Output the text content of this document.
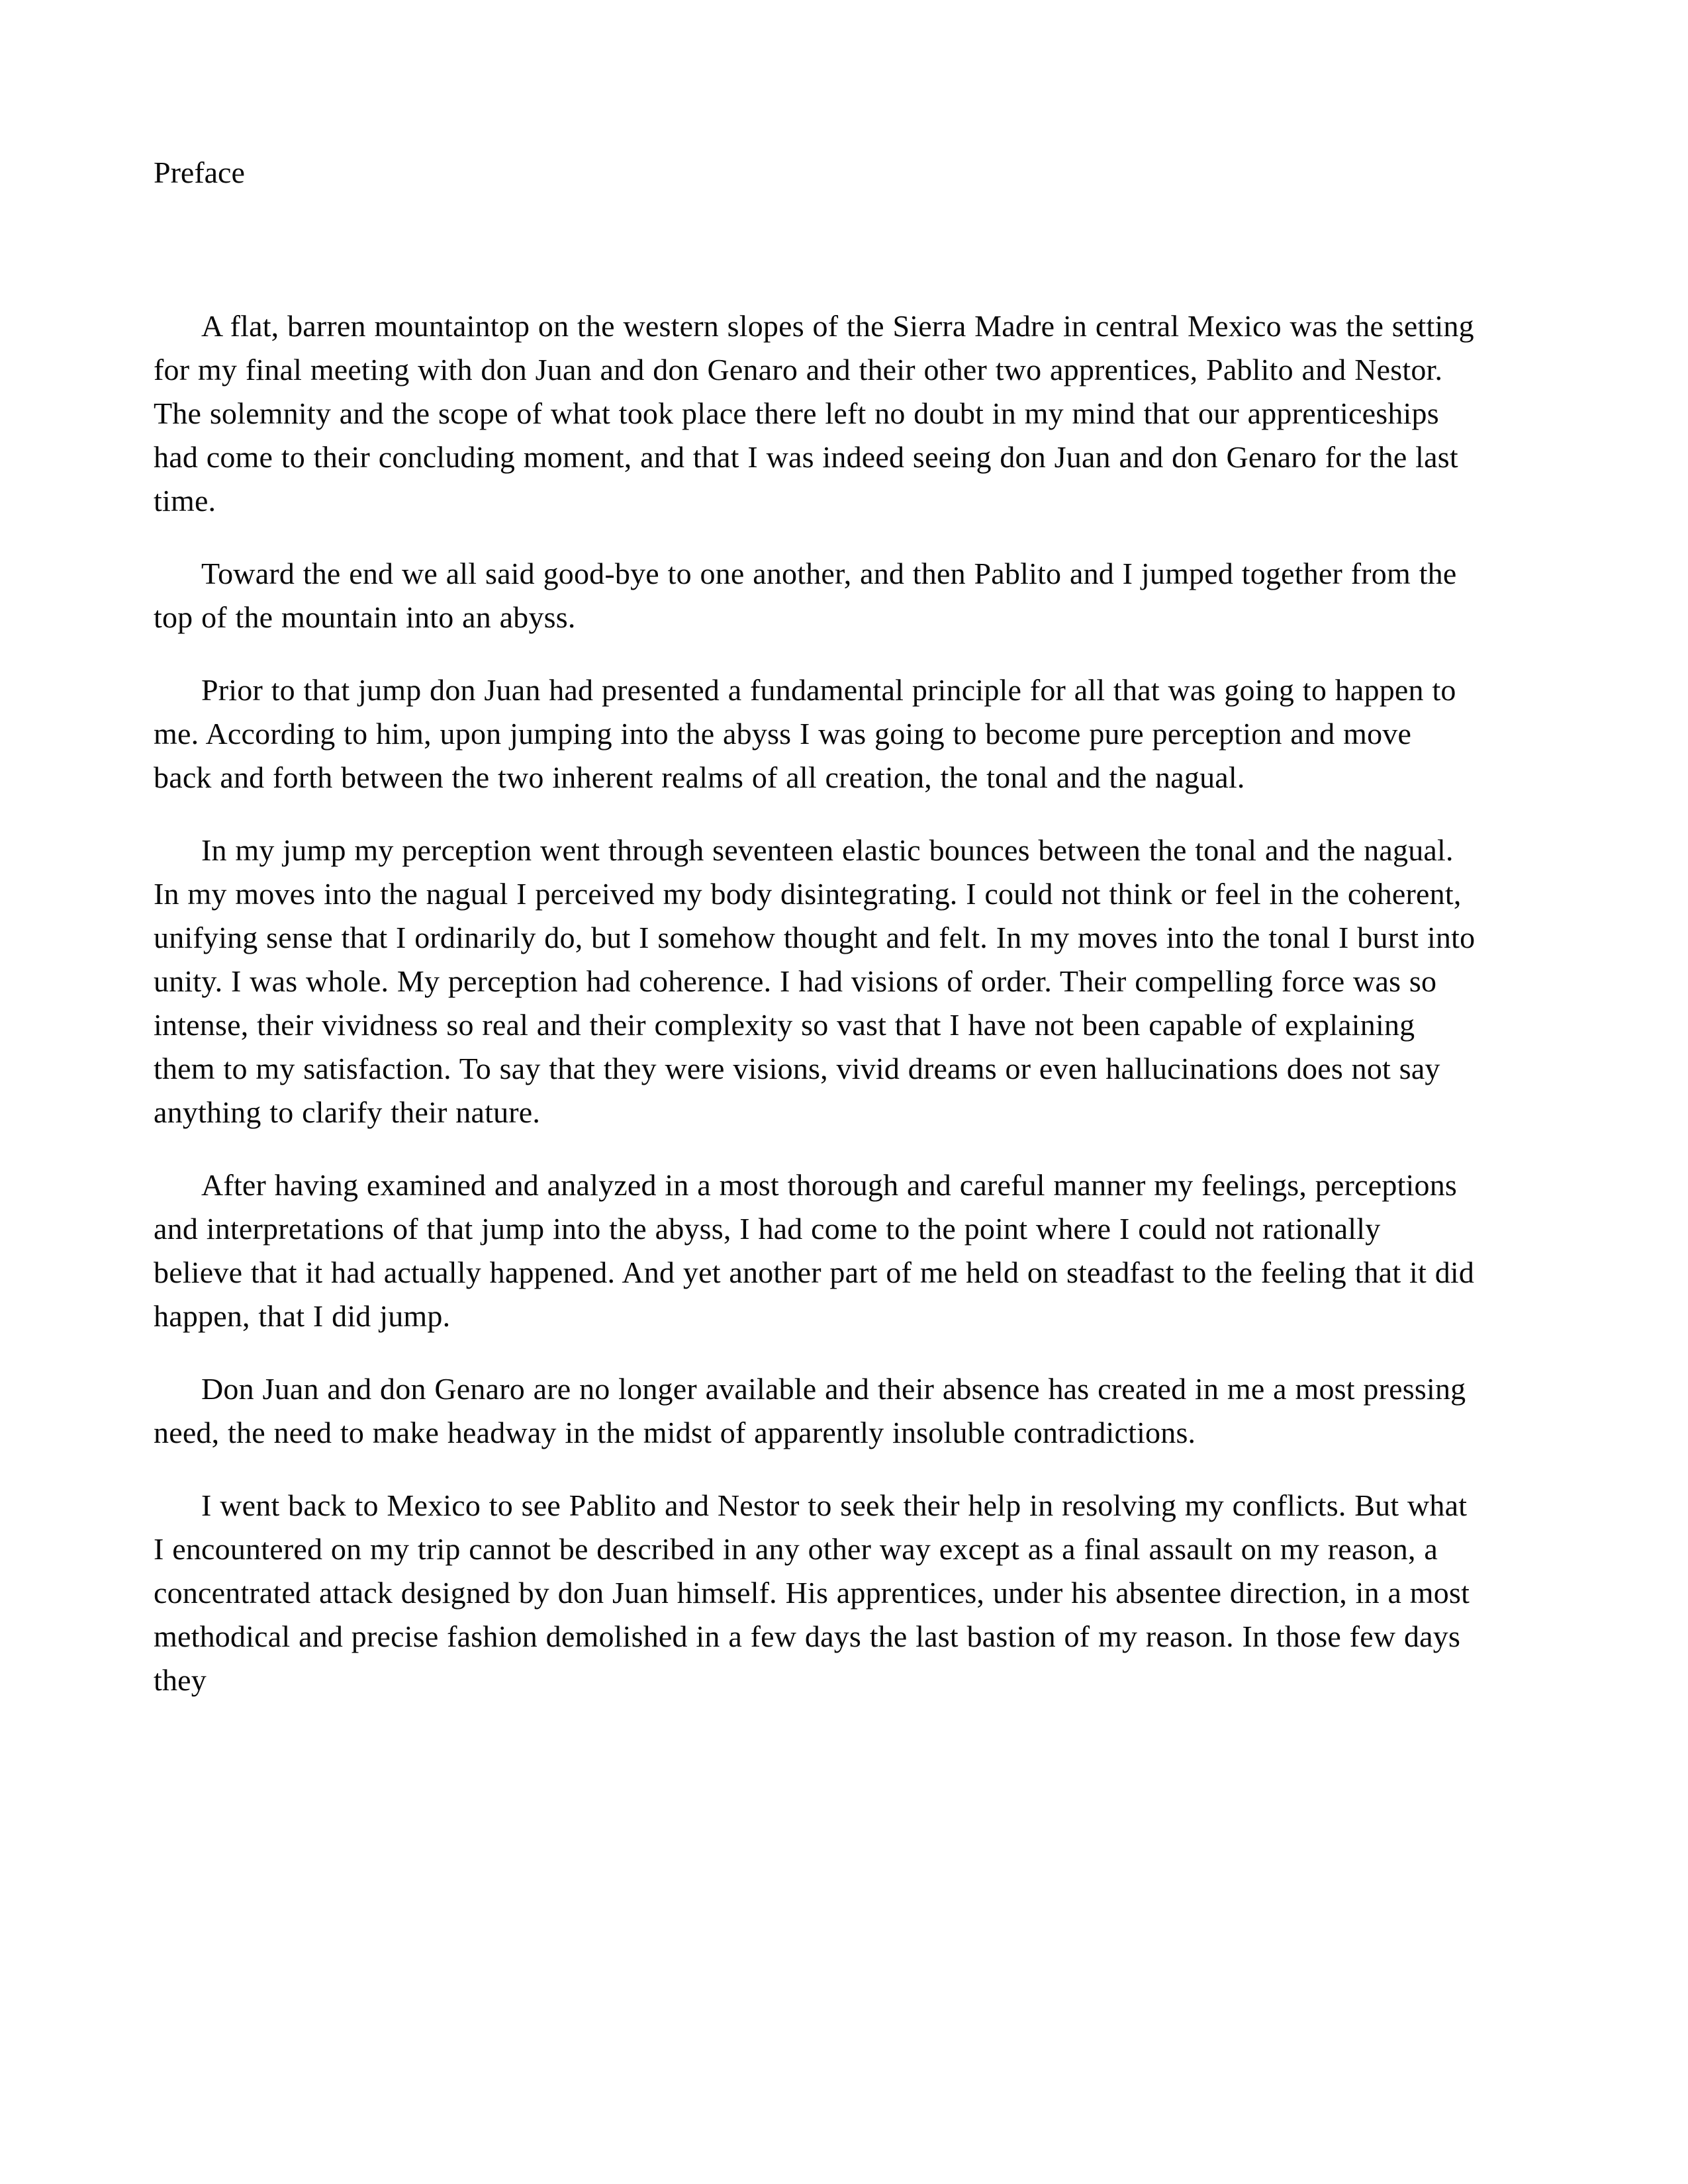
Preface

A flat, barren mountaintop on the western slopes of the Sierra Madre in central Mexico was the setting for my final meeting with don Juan and don Genaro and their other two apprentices, Pablito and Nestor. The solemnity and the scope of what took place there left no doubt in my mind that our apprenticeships had come to their concluding moment, and that I was indeed seeing don Juan and don Genaro for the last time.

Toward the end we all said good-bye to one another, and then Pablito and I jumped together from the top of the mountain into an abyss.

Prior to that jump don Juan had presented a fundamental principle for all that was going to happen to me. According to him, upon jumping into the abyss I was going to become pure perception and move back and forth between the two inherent realms of all creation, the tonal and the nagual.

In my jump my perception went through seventeen elastic bounces between the tonal and the nagual. In my moves into the nagual I perceived my body disintegrating. I could not think or feel in the coherent, unifying sense that I ordinarily do, but I somehow thought and felt. In my moves into the tonal I burst into unity. I was whole. My perception had coherence. I had visions of order. Their compelling force was so intense, their vividness so real and their complexity so vast that I have not been capable of explaining them to my satisfaction. To say that they were visions, vivid dreams or even hallucinations does not say anything to clarify their nature.

After having examined and analyzed in a most thorough and careful manner my feelings, perceptions and interpretations of that jump into the abyss, I had come to the point where I could not rationally believe that it had actually happened. And yet another part of me held on steadfast to the feeling that it did happen, that I did jump.

Don Juan and don Genaro are no longer available and their absence has created in me a most pressing need, the need to make headway in the midst of apparently insoluble contradictions.

I went back to Mexico to see Pablito and Nestor to seek their help in resolving my conflicts. But what I encountered on my trip cannot be described in any other way except as a final assault on my reason, a concentrated attack designed by don Juan himself. His apprentices, under his absentee direction, in a most methodical and precise fashion demolished in a few days the last bastion of my reason. In those few days they
